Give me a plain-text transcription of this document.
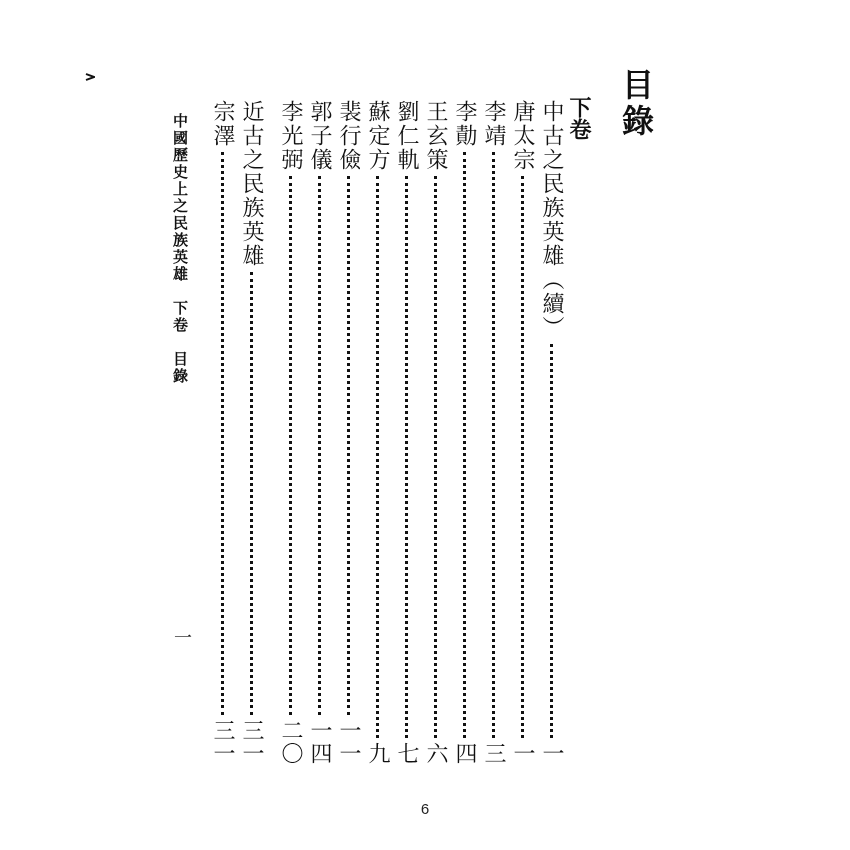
目錄
下卷
中古之民族英雄（續）
一
唐太宗
一
李靖
三
李勣
四
王玄策
六
劉仁軌
七
蘇定方
九
裴行儉
一一
郭子儀
一四
李光弼
二〇
近古之民族英雄
三一
宗澤
三一
中國歷史上之民族英雄　下卷　目錄
一
6
